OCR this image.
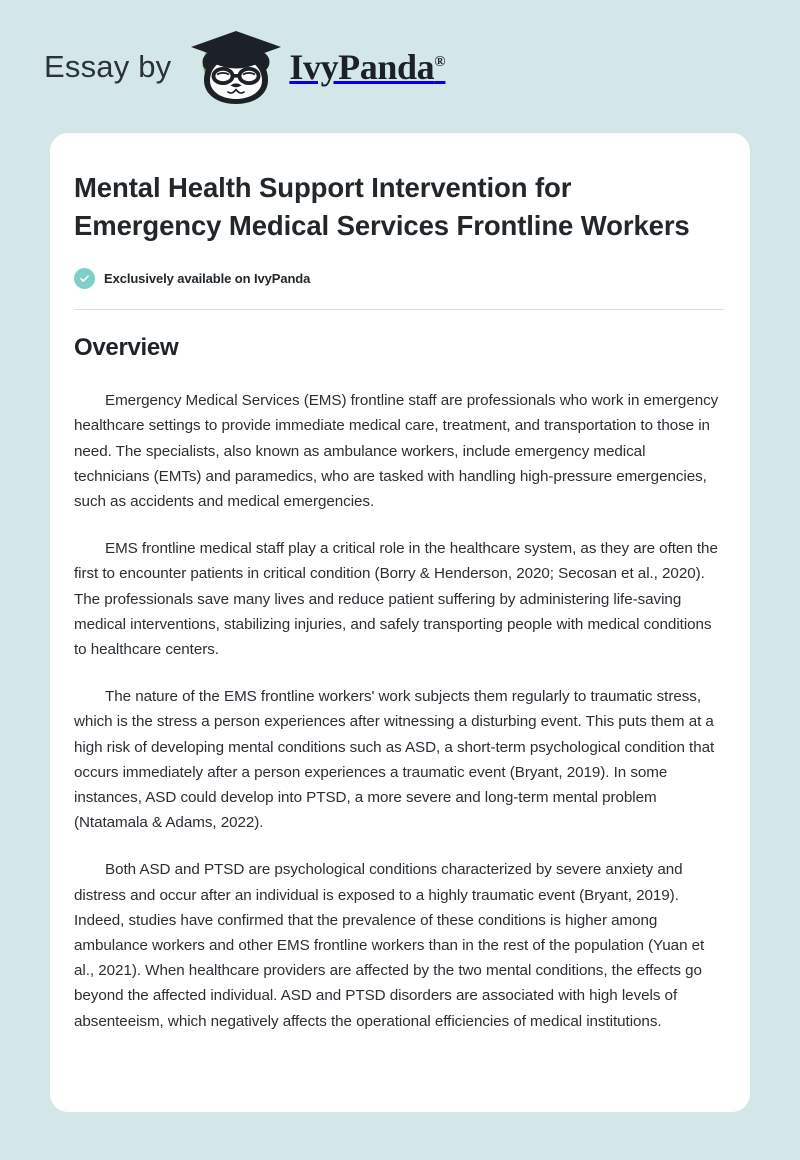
Essay by	IvyPanda®
Mental Health Support Intervention for Emergency Medical Services Frontline Workers
Exclusively available on IvyPanda
Overview

Emergency Medical Services (EMS) frontline staff are professionals who work in emergency healthcare settings to provide immediate medical care, treatment, and transportation to those in need. The specialists, also known as ambulance workers, include emergency medical technicians (EMTs) and paramedics, who are tasked with handling high-pressure emergencies, such as accidents and medical emergencies.

EMS frontline medical staff play a critical role in the healthcare system, as they are often the first to encounter patients in critical condition (Borry & Henderson, 2020; Secosan et al., 2020). The professionals save many lives and reduce patient suffering by administering life-saving medical interventions, stabilizing injuries, and safely transporting people with medical conditions to healthcare centers.

The nature of the EMS frontline workers' work subjects them regularly to traumatic stress, which is the stress a person experiences after witnessing a disturbing event. This puts them at a high risk of developing mental conditions such as ASD, a short-term psychological condition that occurs immediately after a person experiences a traumatic event (Bryant, 2019). In some instances, ASD could develop into PTSD, a more severe and long-term mental problem (Ntatamala & Adams, 2022).

Both ASD and PTSD are psychological conditions characterized by severe anxiety and distress and occur after an individual is exposed to a highly traumatic event (Bryant, 2019). Indeed, studies have confirmed that the prevalence of these conditions is higher among ambulance workers and other EMS frontline workers than in the rest of the population (Yuan et al., 2021). When healthcare providers are affected by the two mental conditions, the effects go beyond the affected individual. ASD and PTSD disorders are associated with high levels of absenteeism, which negatively affects the operational efficiencies of medical institutions.
